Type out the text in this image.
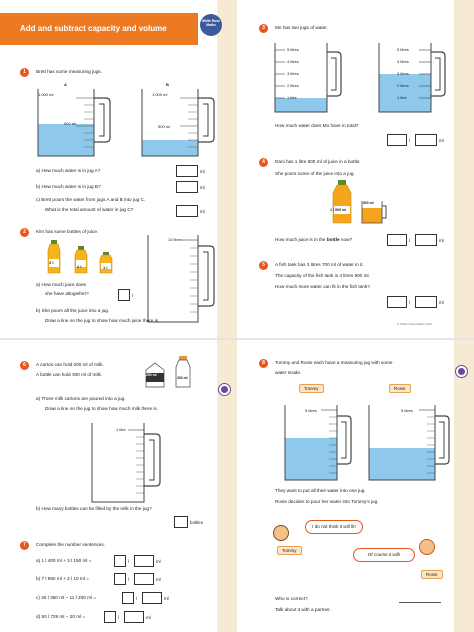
Add and subtract capacity and volume
White Rose Maths
1	Brett has some measuring jugs.
A
1,000 ml
500 ml
B
1,000 ml
500 ml
a) How much water is in jug A?	ml
b) How much water is in jug B?	ml
c) Brett pours the water from jugs A and B into jug C.
What is the total amount of water in jug C?	ml
2	Kim has some bottles of juice.
3 l
2 l	1 l
10 litres
a) How much juice does
she have altogether?	l
b) She pours all the juice into a jug.
Draw a line on the jug to show how much juice there is.
3	Mo has two jugs of water.
5 litres
4 litres
3 litres
2 litres
1 litre
5 litres
4 litres
3 litres
2 litres
1 litre
How much water does Mo have in total?
l	ml
4	Dani has 1 litre 500 ml of juice in a bottle.
She pours some of the juice into a jug.
1 l 500 ml
800 ml
How much juice is in the bottle now?	l	ml
5	A fish tank has 3 litres 700 ml of water in it.
The capacity of the fish tank is 4 litres 900 ml.
How much more water can fit in the fish tank?
l	ml
© White Rose Maths 2021
6	A carton can hold 200 ml of milk.
A bottle can hold 300 ml of milk.	200 ml
300 ml
a) Three milk cartons are poured into a jug.
Draw a line on the jug to show how much milk there is.
1 litre
b) How many bottles can be filled by the milk in the jug?
bottles
7	Complete the number sentences.
a) 1 l 400 ml + 3 l 150 ml =	l	ml
b) 7 l 950 ml + 2 l 10 ml =	l	ml
c) 25 l 350 ml − 11 l 200 ml =	l	ml
d) 50 l 729 ml − 20 ml =	l	ml
8	Tommy and Rosie each have a measuring jug with some
water inside.
Tommy	Rosie
5 litres	5 litres
They want to put all their water into one jug.
Rosie decides to pour her water into Tommy’s jug.
Tommy
I do not think it will fit!
Rosie
Of course it will!
Who is correct?
Talk about it with a partner.
